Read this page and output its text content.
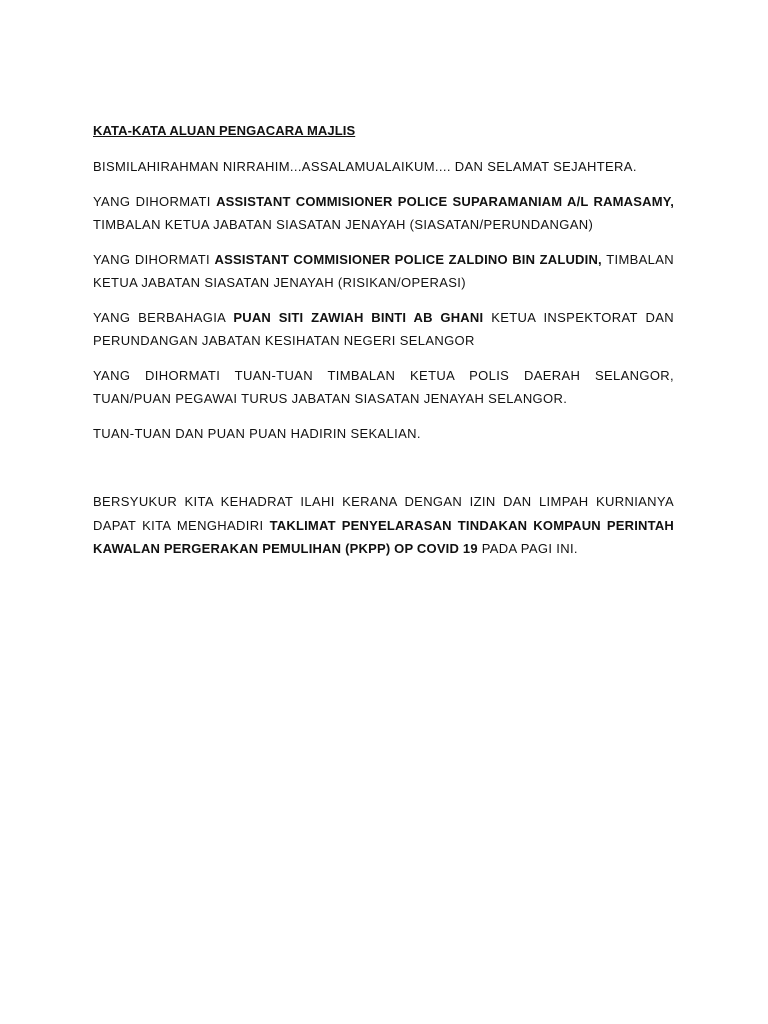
KATA-KATA ALUAN PENGACARA MAJLIS

BISMILAHIRAHMAN NIRRAHIM...ASSALAMUALAIKUM.... DAN SELAMAT SEJAHTERA.

YANG DIHORMATI ASSISTANT COMMISIONER POLICE SUPARAMANIAM A/L RAMASAMY, TIMBALAN KETUA JABATAN SIASATAN JENAYAH (SIASATAN/PERUNDANGAN)

YANG DIHORMATI ASSISTANT COMMISIONER POLICE ZALDINO BIN ZALUDIN, TIMBALAN KETUA JABATAN SIASATAN JENAYAH (RISIKAN/OPERASI)

YANG BERBAHAGIA PUAN SITI ZAWIAH BINTI AB GHANI KETUA INSPEKTORAT DAN PERUNDANGAN JABATAN KESIHATAN NEGERI SELANGOR

YANG DIHORMATI TUAN-TUAN TIMBALAN KETUA POLIS DAERAH SELANGOR, TUAN/PUAN PEGAWAI TURUS JABATAN SIASATAN JENAYAH SELANGOR.

TUAN-TUAN DAN PUAN PUAN HADIRIN SEKALIAN.

BERSYUKUR KITA KEHADRAT ILAHI KERANA DENGAN IZIN DAN LIMPAH KURNIANYA DAPAT KITA MENGHADIRI TAKLIMAT PENYELARASAN TINDAKAN KOMPAUN PERINTAH KAWALAN PERGERAKAN PEMULIHAN (PKPP) OP COVID 19 PADA PAGI INI.
